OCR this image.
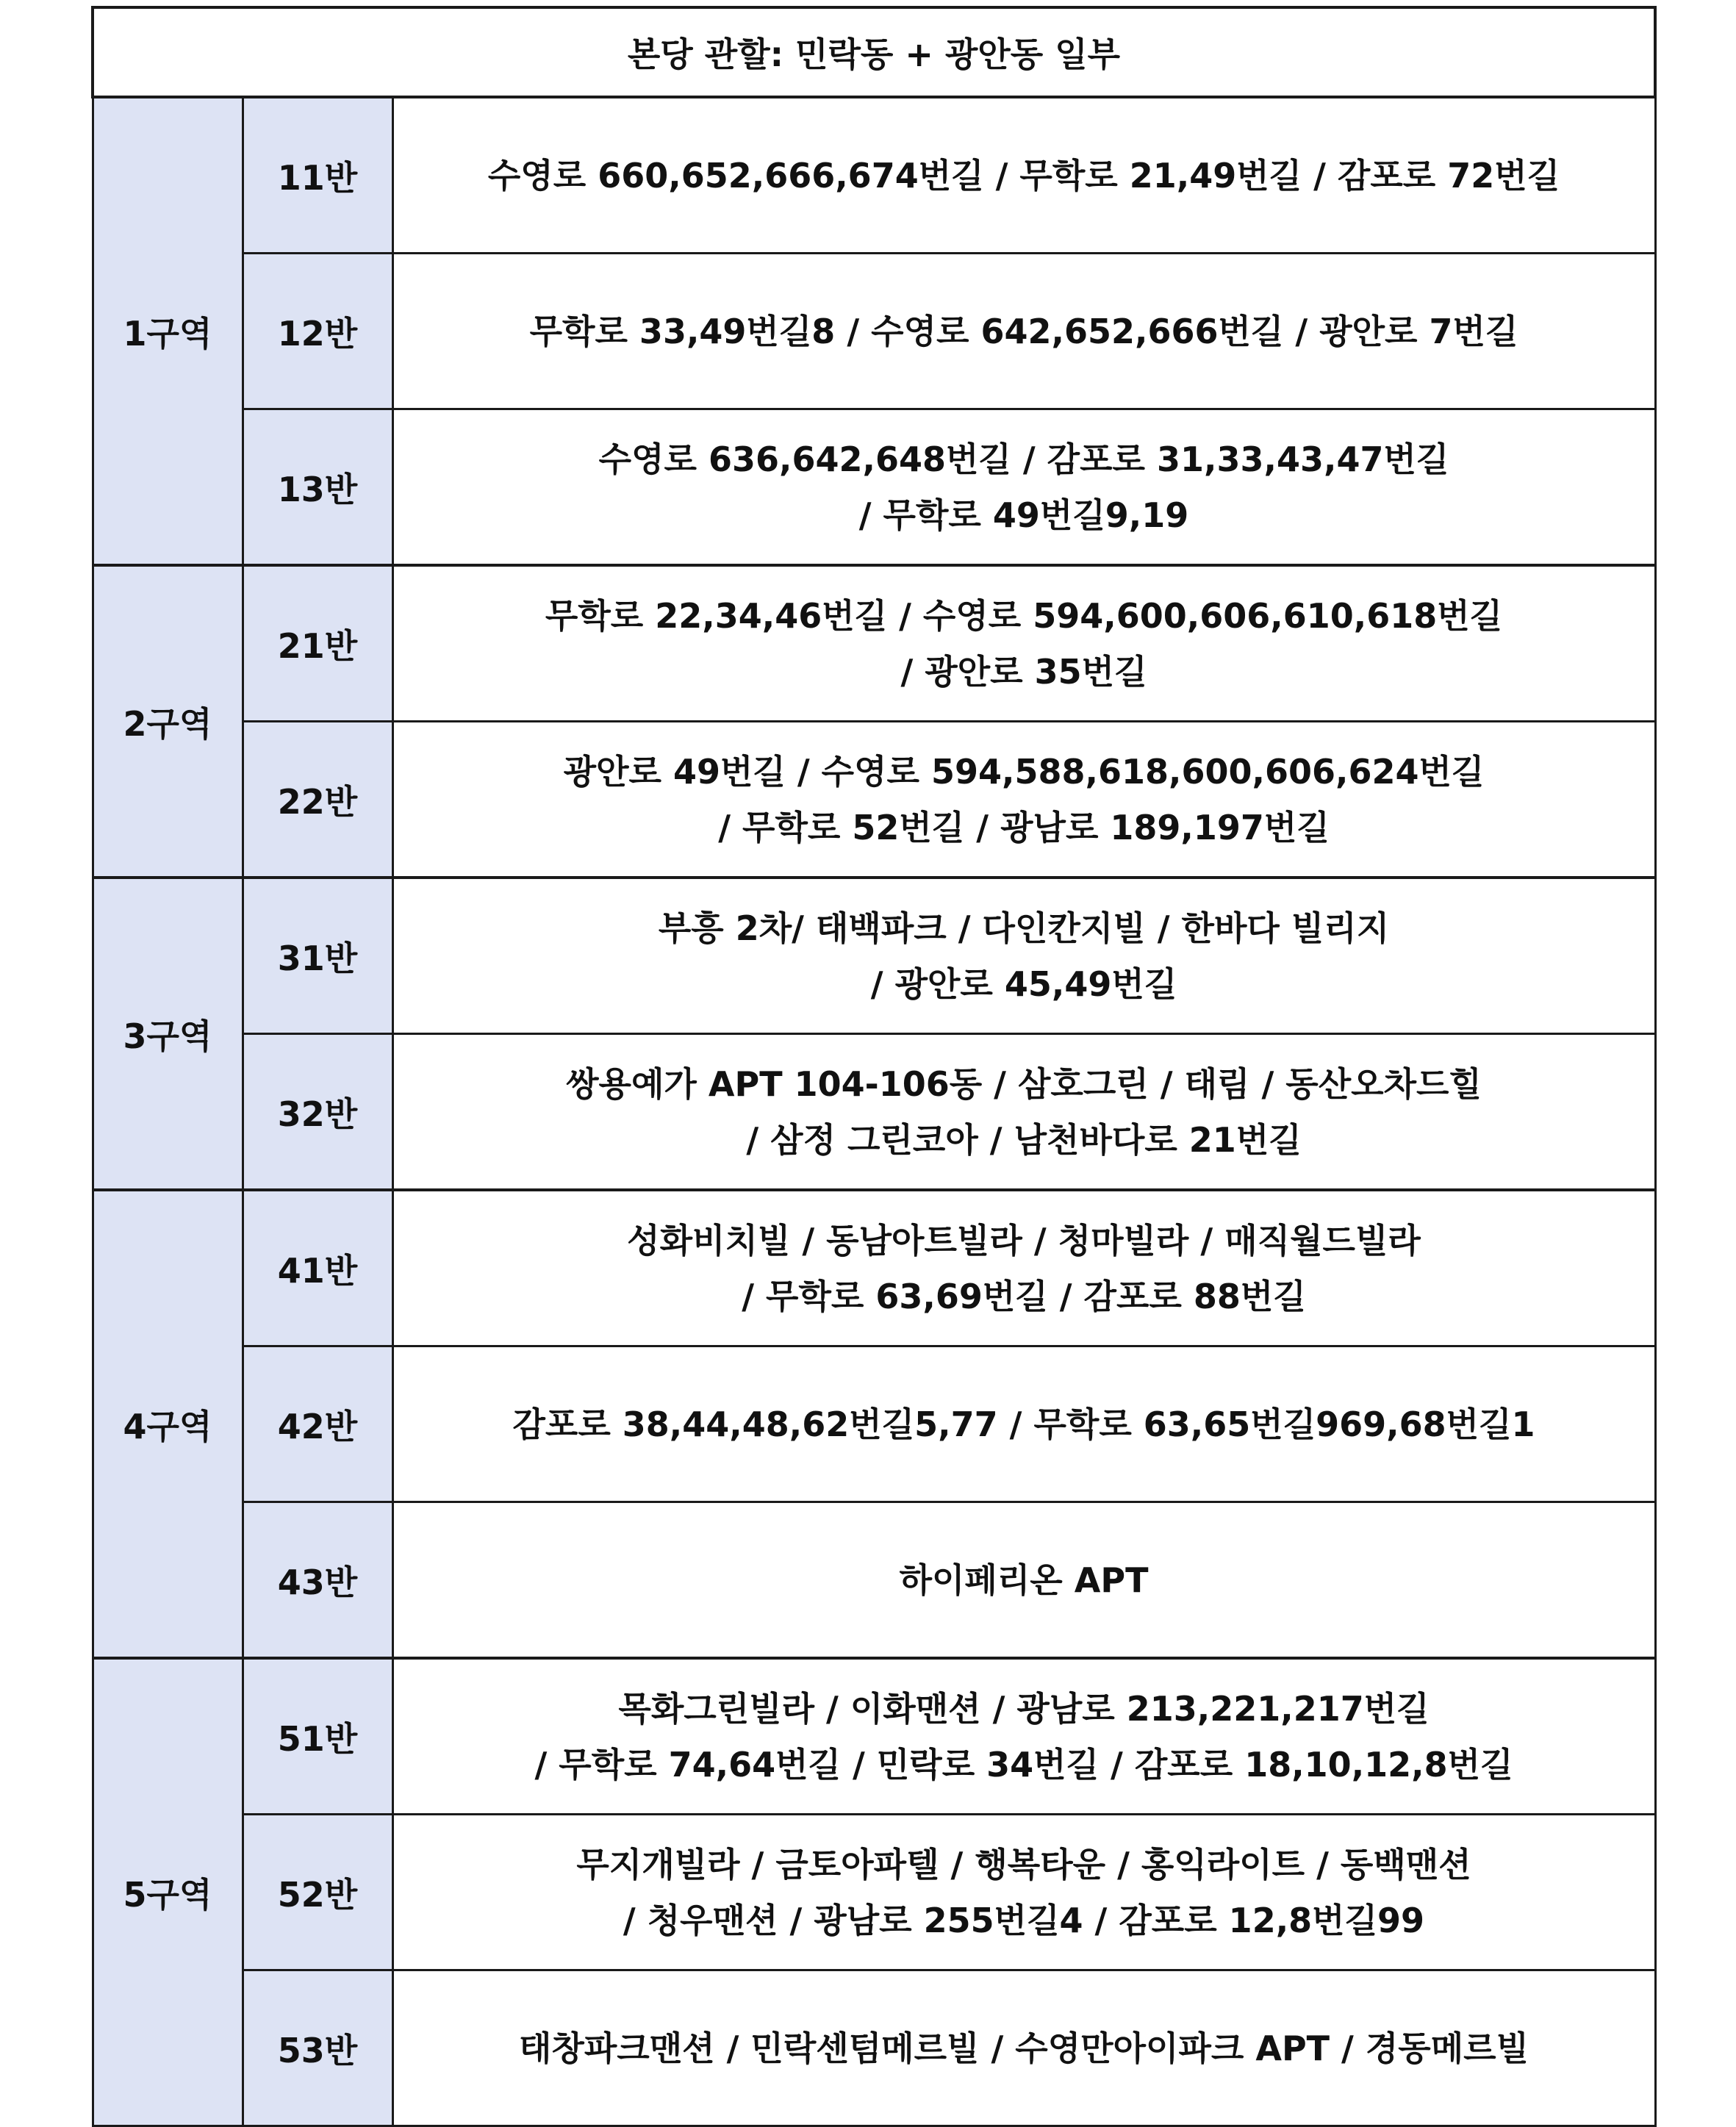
본당 관할: 민락동 + 광안동 일부		
1구역	11반	수영로 660,652,666,674번길 / 무학로 21,49번길 / 감포로 72번길

	12반	무학로 33,49번길8 / 수영로 642,652,666번길 / 광안로 7번길

	13반	수영로 636,642,648번길 / 감포로 31,33,43,47번길
/ 무학로 49번길9,19

2구역	21반	무학로 22,34,46번길 / 수영로 594,600,606,610,618번길
/ 광안로 35번길

	22반	광안로 49번길 / 수영로 594,588,618,600,606,624번길
/ 무학로 52번길 / 광남로 189,197번길

3구역	31반	부흥 2차/ 태백파크 / 다인칸지빌 / 한바다 빌리지
/ 광안로 45,49번길

	32반	쌍용예가 APT 104-106동 / 삼호그린 / 태림 / 동산오차드힐
/ 삼정 그린코아 / 남천바다로 21번길

4구역	41반	성화비치빌 / 동남아트빌라 / 청마빌라 / 매직월드빌라
/ 무학로 63,69번길 / 감포로 88번길

	42반	감포로 38,44,48,62번길5,77 / 무학로 63,65번길969,68번길1

	43반	하이페리온 APT

5구역	51반	목화그린빌라 / 이화맨션 / 광남로 213,221,217번길
/ 무학로 74,64번길 / 민락로 34번길 / 감포로 18,10,12,8번길

	52반	무지개빌라 / 금토아파텔 / 행복타운 / 홍익라이트 / 동백맨션
/ 청우맨션 / 광남로 255번길4 / 감포로 12,8번길99

	53반	태창파크맨션 / 민락센텀메르빌 / 수영만아이파크 APT / 경동메르빌
